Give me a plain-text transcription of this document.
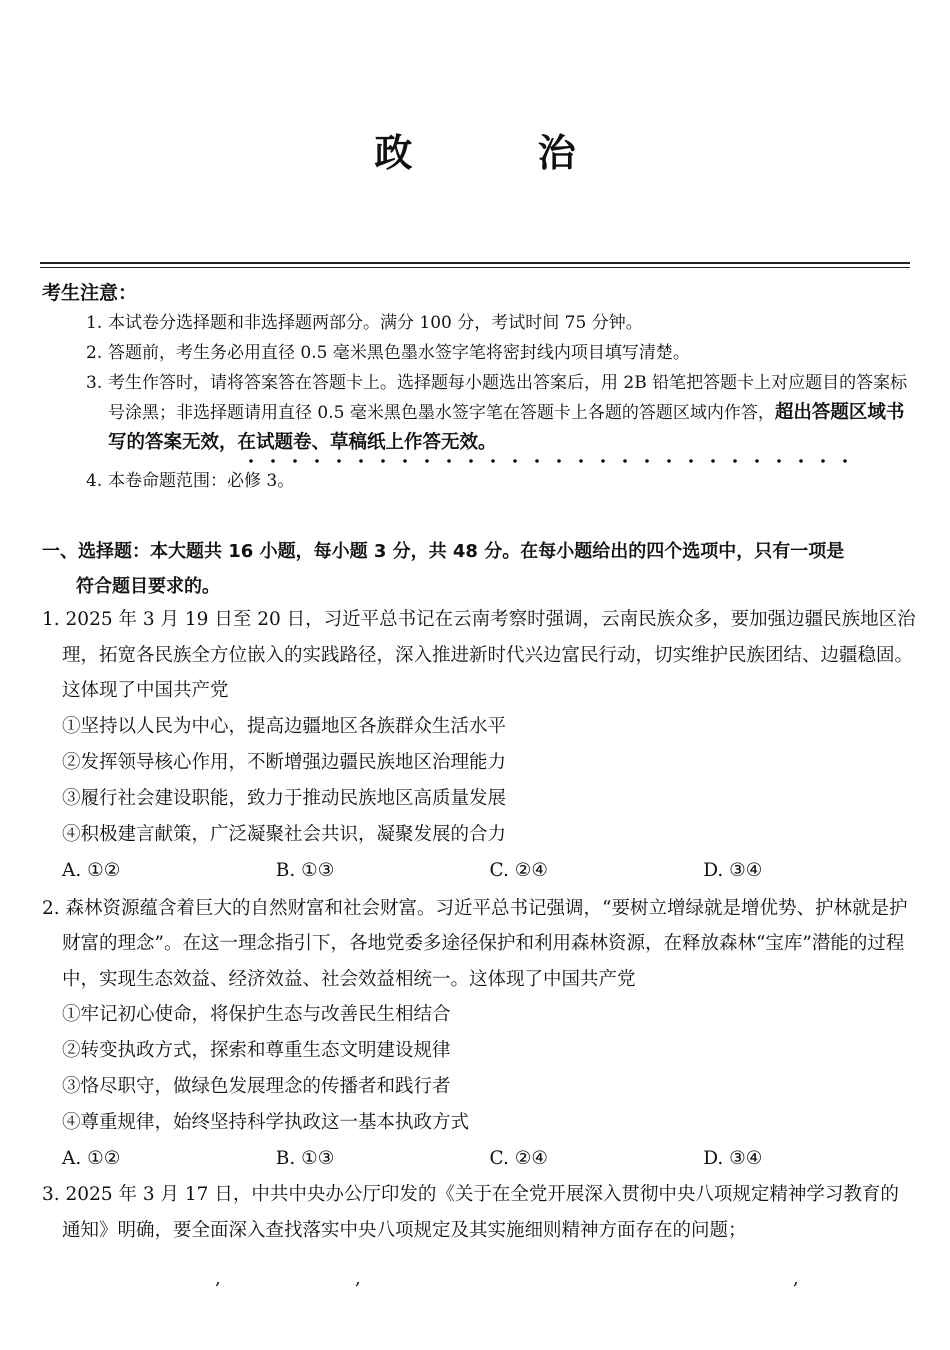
政 治
考生注意：
1. 本试卷分选择题和非选择题两部分。满分 100 分，考试时间 75 分钟。
2. 答题前，考生务必用直径 0.5 毫米黑色墨水签字笔将密封线内项目填写清楚。
3. 考生作答时，请将答案答在答题卡上。选择题每小题选出答案后，用 2B 铅笔把答题卡上对应题目的答案标号涂黑；非选择题请用直径 0.5 毫米黑色墨水签字笔在答题卡上各题的答题区域内作答，超出答题区域书写的答案无效，在试题卷、草稿纸上作答无效。
4. 本卷命题范围：必修 3。
一、选择题：本大题共 16 小题，每小题 3 分，共 48 分。在每小题给出的四个选项中，只有一项是
符合题目要求的。
1. 2025 年 3 月 19 日至 20 日，习近平总书记在云南考察时强调，云南民族众多，要加强边疆民族地区治理，拓宽各民族全方位嵌入的实践路径，深入推进新时代兴边富民行动，切实维护民族团结、边疆稳固。这体现了中国共产党
①坚持以人民为中心，提高边疆地区各族群众生活水平
②发挥领导核心作用，不断增强边疆民族地区治理能力
③履行社会建设职能，致力于推动民族地区高质量发展
④积极建言献策，广泛凝聚社会共识，凝聚发展的合力
A. ①②	B. ①③	C. ②④	D. ③④
2. 森林资源蕴含着巨大的自然财富和社会财富。习近平总书记强调，“要树立增绿就是增优势、护林就是护财富的理念”。在这一理念指引下，各地党委多途径保护和利用森林资源，在释放森林“宝库”潜能的过程中，实现生态效益、经济效益、社会效益相统一。这体现了中国共产党
①牢记初心使命，将保护生态与改善民生相结合
②转变执政方式，探索和尊重生态文明建设规律
③恪尽职守，做绿色发展理念的传播者和践行者
④尊重规律，始终坚持科学执政这一基本执政方式
A. ①②	B. ①③	C. ②④	D. ③④
3. 2025 年 3 月 17 日，中共中央办公厅印发的《关于在全党开展深入贯彻中央八项规定精神学习教育的通知》明确，要全面深入查找落实中央八项规定及其实施细则精神方面存在的问题；
,	,	,
